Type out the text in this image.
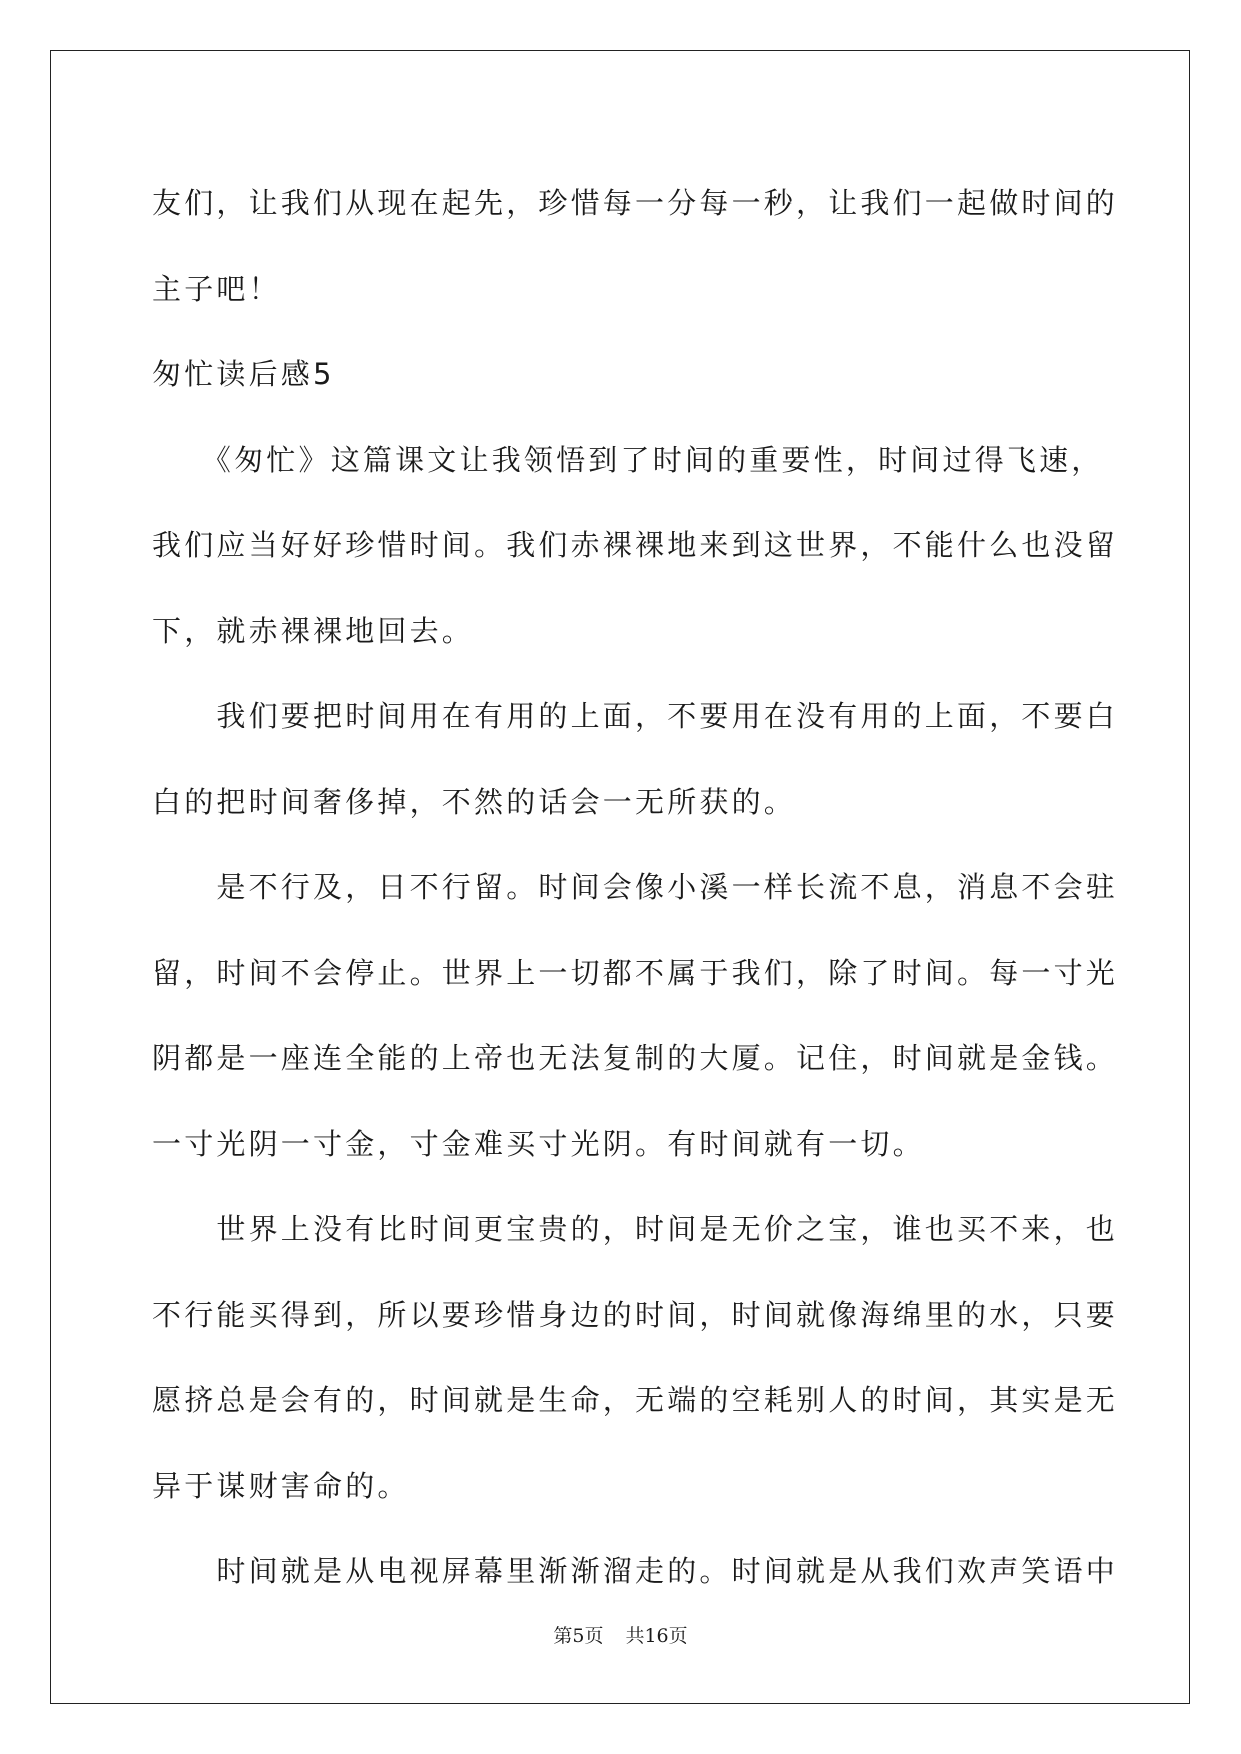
友们，让我们从现在起先，珍惜每一分每一秒，让我们一起做时间的
主子吧！
匆忙读后感5
　　《匆忙》这篇课文让我领悟到了时间的重要性，时间过得飞速，
我们应当好好珍惜时间。我们赤裸裸地来到这世界，不能什么也没留
下，就赤裸裸地回去。
　　我们要把时间用在有用的上面，不要用在没有用的上面，不要白
白的把时间奢侈掉，不然的话会一无所获的。
　　是不行及，日不行留。时间会像小溪一样长流不息，消息不会驻
留，时间不会停止。世界上一切都不属于我们，除了时间。每一寸光
阴都是一座连全能的上帝也无法复制的大厦。记住，时间就是金钱。
一寸光阴一寸金，寸金难买寸光阴。有时间就有一切。
　　世界上没有比时间更宝贵的，时间是无价之宝，谁也买不来，也
不行能买得到，所以要珍惜身边的时间，时间就像海绵里的水，只要
愿挤总是会有的，时间就是生命，无端的空耗别人的时间，其实是无
异于谋财害命的。
　　时间就是从电视屏幕里渐渐溜走的。时间就是从我们欢声笑语中
第5页 共16页
